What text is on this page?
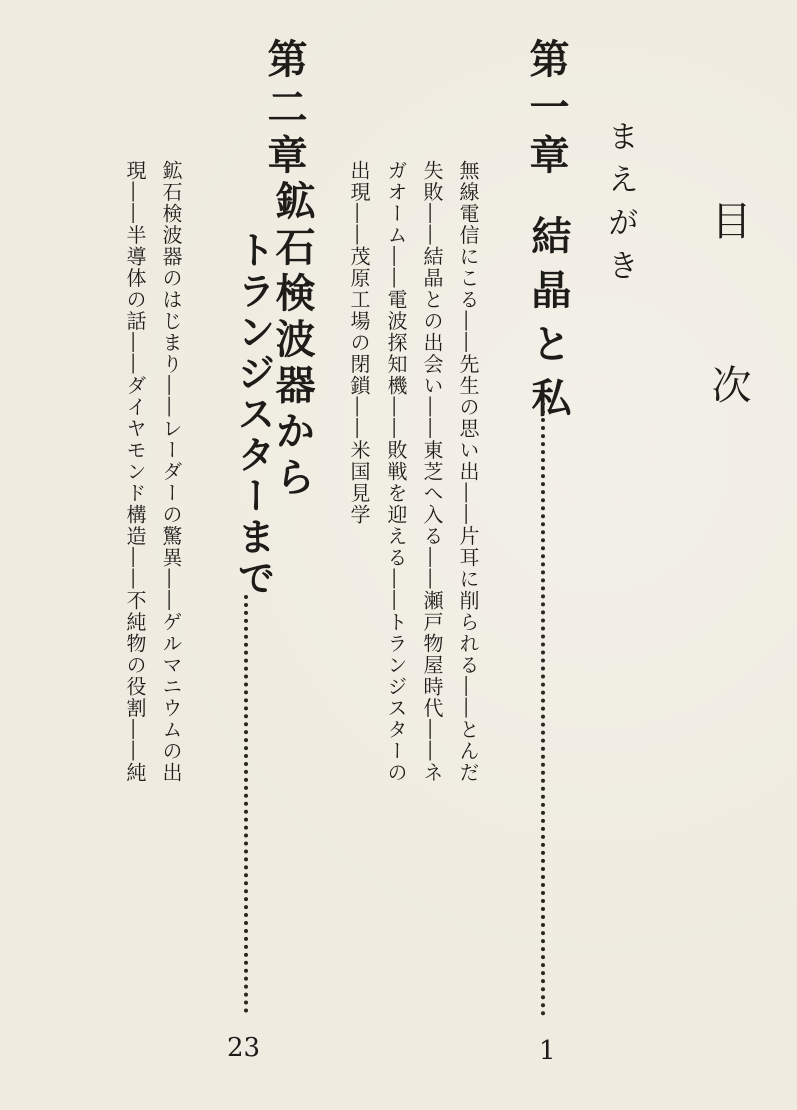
目　次
まえがき
第一章
結晶と私
1
無線電信にこる――先生の思い出――片耳に削られる――とんだ
失敗――結晶との出会い――東芝へ入る――瀬戸物屋時代――ネ
ガオーム――電波探知機――敗戦を迎える――トランジスターの
出現――茂原工場の閉鎖――米国見学
第二章
鉱石検波器から
トランジスターまで
23
鉱石検波器のはじまり――レーダーの驚異――ゲルマニウムの出
現――半導体の話――ダイヤモンド構造――不純物の役割――純
